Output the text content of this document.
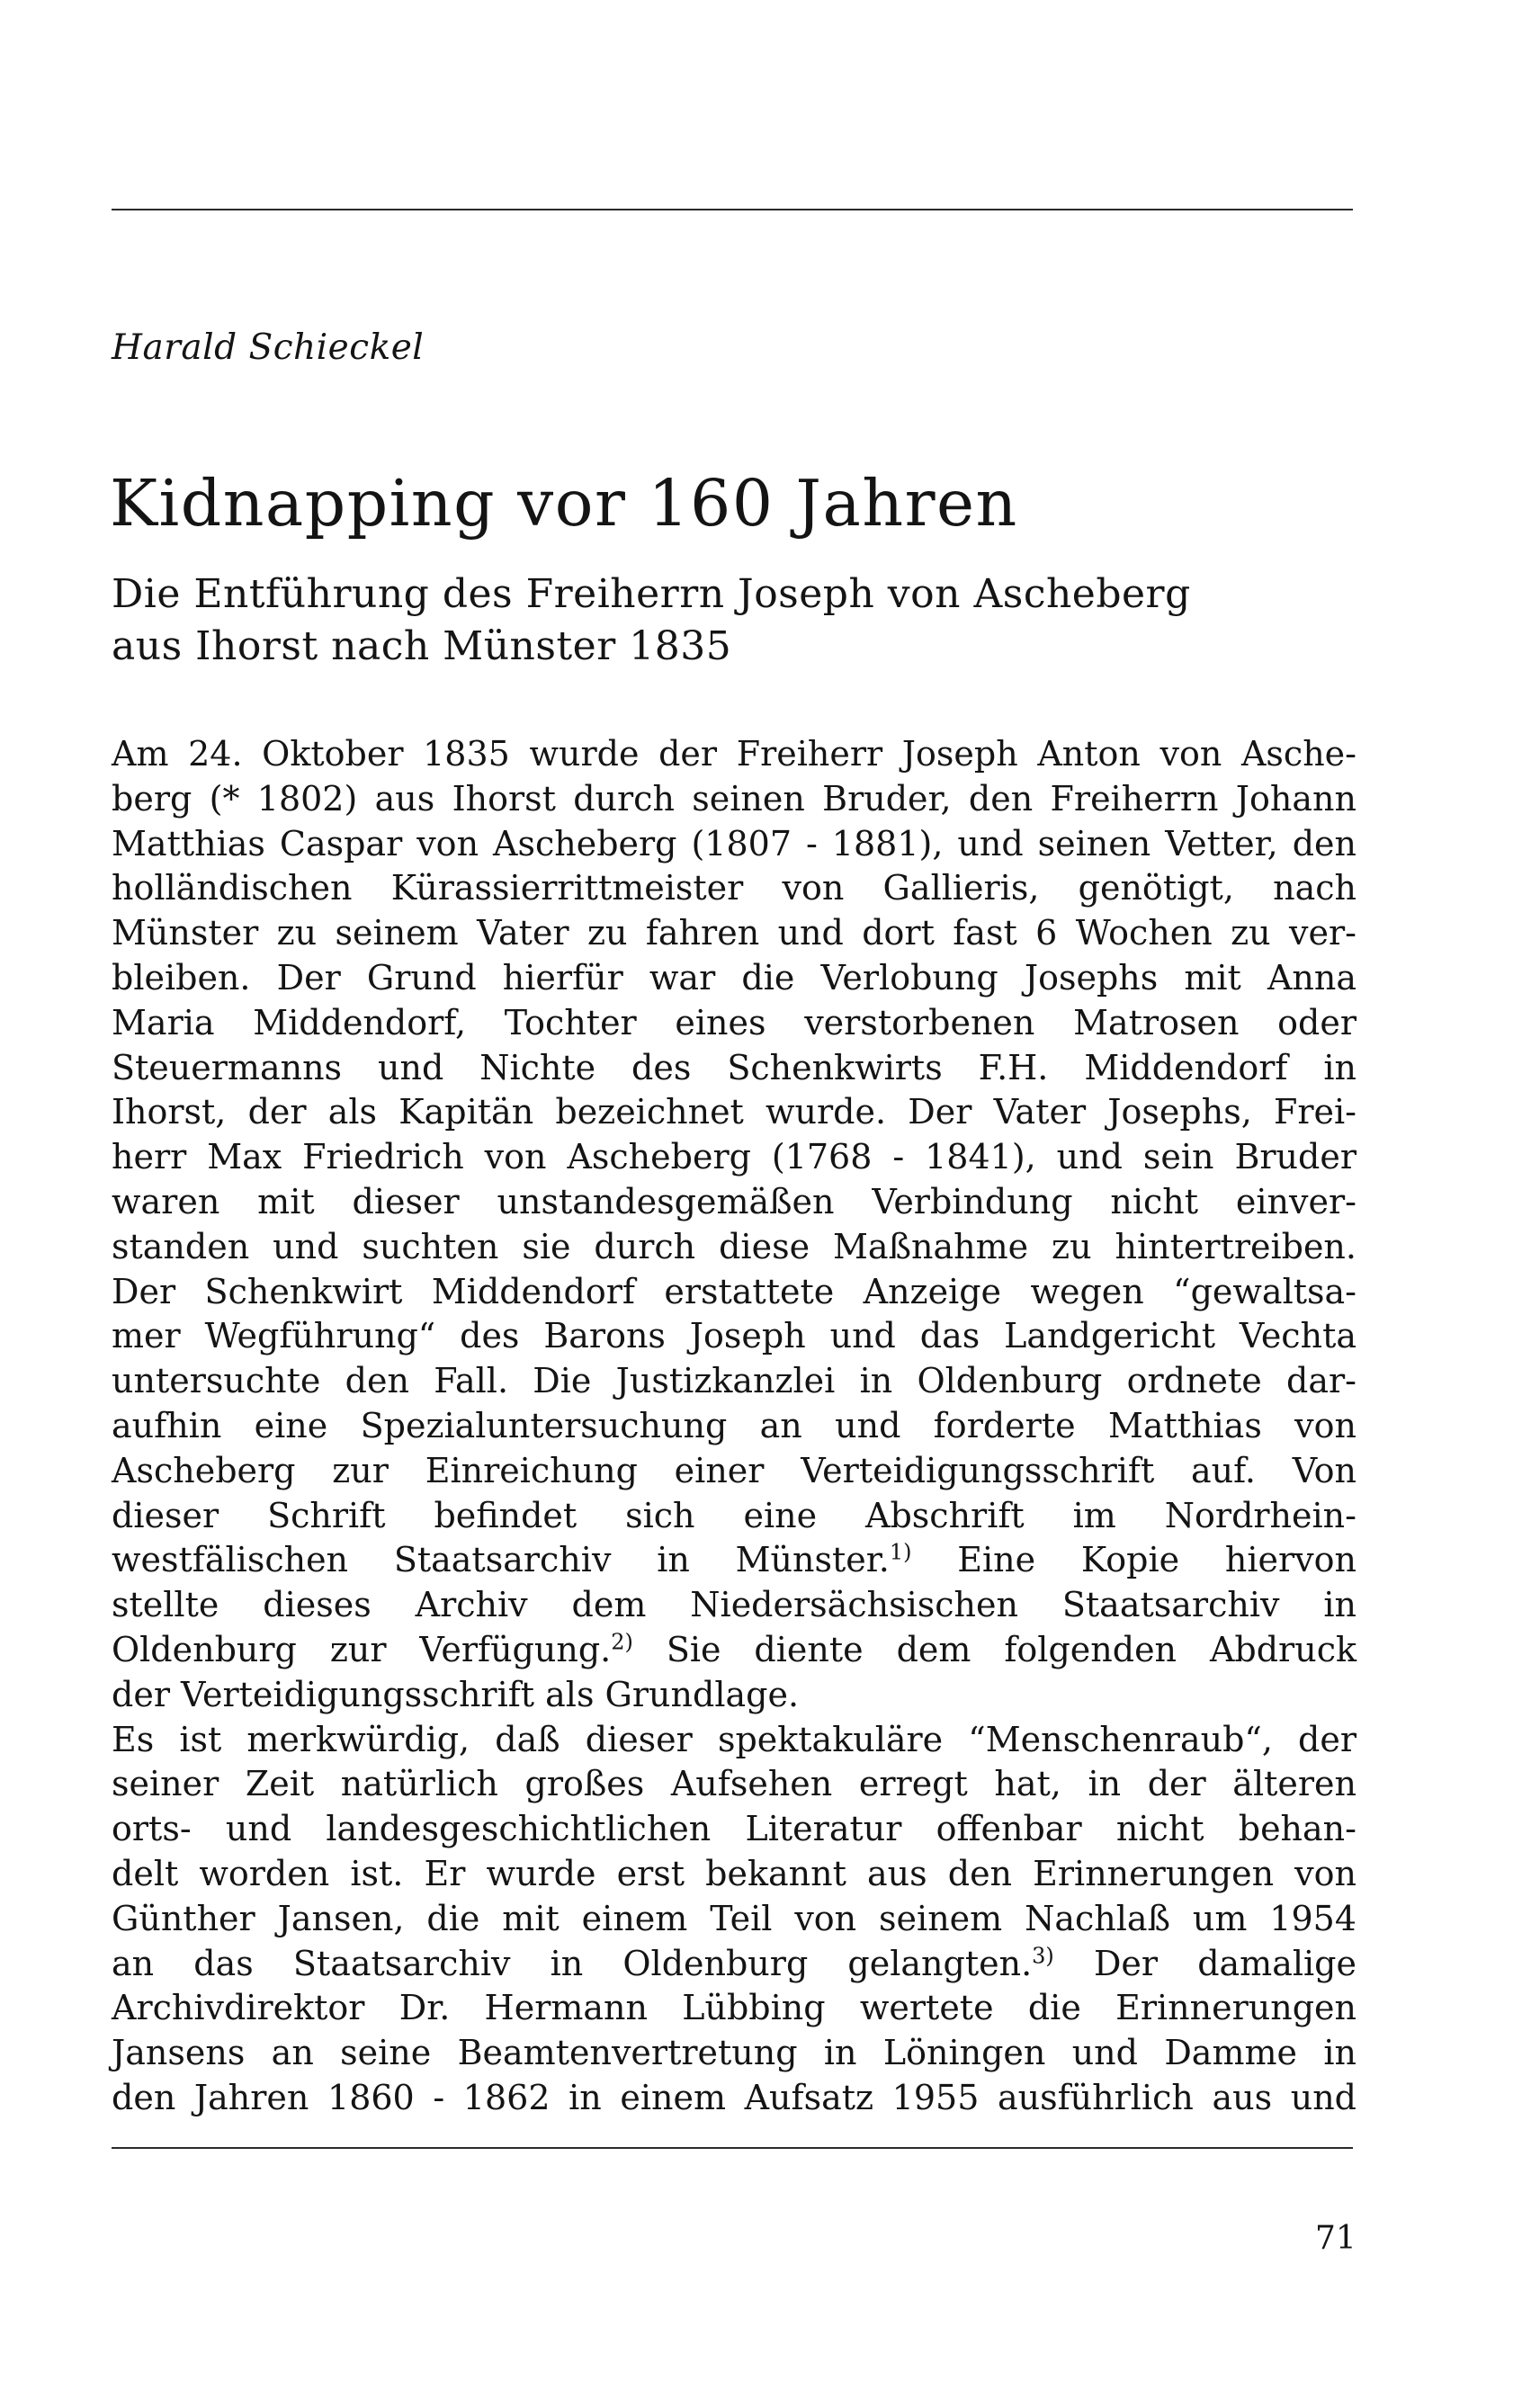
Harald Schieckel
Kidnapping vor 160 Jahren
Die Entführung des Freiherrn Joseph von Ascheberg
aus Ihorst nach Münster 1835
Am 24. Oktober 1835 wurde der Freiherr Joseph Anton von Asche-
berg (* 1802) aus Ihorst durch seinen Bruder, den Freiherrn Johann
Matthias Caspar von Ascheberg (1807 - 1881), und seinen Vetter, den
holländischen Kürassierrittmeister von Gallieris, genötigt, nach
Münster zu seinem Vater zu fahren und dort fast 6 Wochen zu ver-
bleiben. Der Grund hierfür war die Verlobung Josephs mit Anna
Maria Middendorf, Tochter eines verstorbenen Matrosen oder
Steuermanns und Nichte des Schenkwirts F.H. Middendorf in
Ihorst, der als Kapitän bezeichnet wurde. Der Vater Josephs, Frei-
herr Max Friedrich von Ascheberg (1768 - 1841), und sein Bruder
waren mit dieser unstandesgemäßen Verbindung nicht einver-
standen und suchten sie durch diese Maßnahme zu hintertreiben.
Der Schenkwirt Middendorf erstattete Anzeige wegen “gewaltsa-
mer Wegführung“ des Barons Joseph und das Landgericht Vechta
untersuchte den Fall. Die Justizkanzlei in Oldenburg ordnete dar-
aufhin eine Spezialuntersuchung an und forderte Matthias von
Ascheberg zur Einreichung einer Verteidigungsschrift auf. Von
dieser Schrift befindet sich eine Abschrift im Nordrhein-
westfälischen Staatsarchiv in Münster.$^{1)}$ Eine Kopie hiervon
stellte dieses Archiv dem Niedersächsischen Staatsarchiv in
Oldenburg zur Verfügung.$^{2)}$ Sie diente dem folgenden Abdruck
der Verteidigungsschrift als Grundlage.
Es ist merkwürdig, daß dieser spektakuläre “Menschenraub“, der
seiner Zeit natürlich großes Aufsehen erregt hat, in der älteren
orts- und landesgeschichtlichen Literatur offenbar nicht behan-
delt worden ist. Er wurde erst bekannt aus den Erinnerungen von
Günther Jansen, die mit einem Teil von seinem Nachlaß um 1954
an das Staatsarchiv in Oldenburg gelangten.$^{3)}$ Der damalige
Archivdirektor Dr. Hermann Lübbing wertete die Erinnerungen
Jansens an seine Beamtenvertretung in Löningen und Damme in
den Jahren 1860 - 1862 in einem Aufsatz 1955 ausführlich aus und
71
